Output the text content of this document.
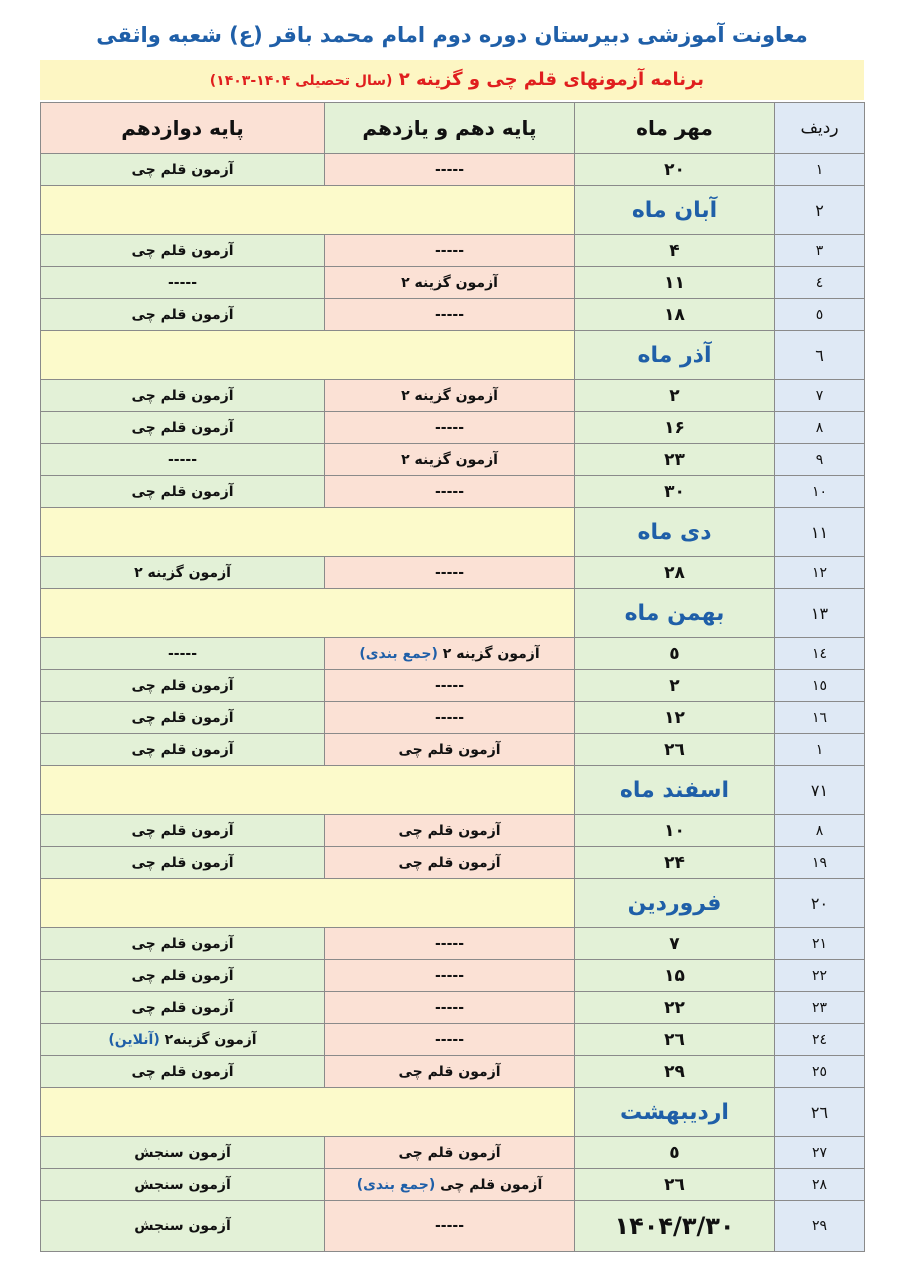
معاونت آموزشی دبیرستان دوره دوم امام محمد باقر (ع) شعبه واثقی
برنامه آزمونهای قلم چی و گزینه ۲ (سال تحصیلی ۱۴۰۴-۱۴۰۳)
ردیف	مهر ماه	پایه دهم و یازدهم	پایه دوازدهم
۱	۲۰	-----	آزمون قلم چی
۲	آبان ماه		
۳	۴	-----	آزمون قلم چی
٤	۱۱	آزمون گزینه ۲	-----
٥	۱۸	-----	آزمون قلم چی
٦	آذر ماه		
۷	۲	آزمون گزینه ۲	آزمون قلم چی
۸	۱۶	-----	آزمون قلم چی
۹	۲۳	آزمون گزینه ۲	-----
۱۰	۳۰	-----	آزمون قلم چی
۱۱	دی ماه		
۱۲	۲۸	-----	آزمون گزینه ۲
۱۳	بهمن ماه		
۱٤	٥	آزمون گزینه ۲ (جمع بندی)	-----
۱٥	۲	-----	آزمون قلم چی
۱٦	۱۲	-----	آزمون قلم چی
۱	۲٦	آزمون قلم چی	آزمون قلم چی
۷۱	اسفند ماه		
۸	۱۰	آزمون قلم چی	آزمون قلم چی
۱۹	۲۴	آزمون قلم چی	آزمون قلم چی
۲۰	فروردین		
۲۱	۷	-----	آزمون قلم چی
۲۲	۱۵	-----	آزمون قلم چی
۲۳	۲۲	-----	آزمون قلم چی
۲٤	۲٦	-----	آزمون گزینه۲ (آنلاین)
۲٥	۲۹	آزمون قلم چی	آزمون قلم چی
۲٦	اردیبهشت		
۲۷	٥	آزمون قلم چی	آزمون سنجش
۲۸	۲٦	آزمون قلم چی (جمع بندی)	آزمون سنجش
۲۹	۱۴۰۴/۳/۳۰	-----	آزمون سنجش
